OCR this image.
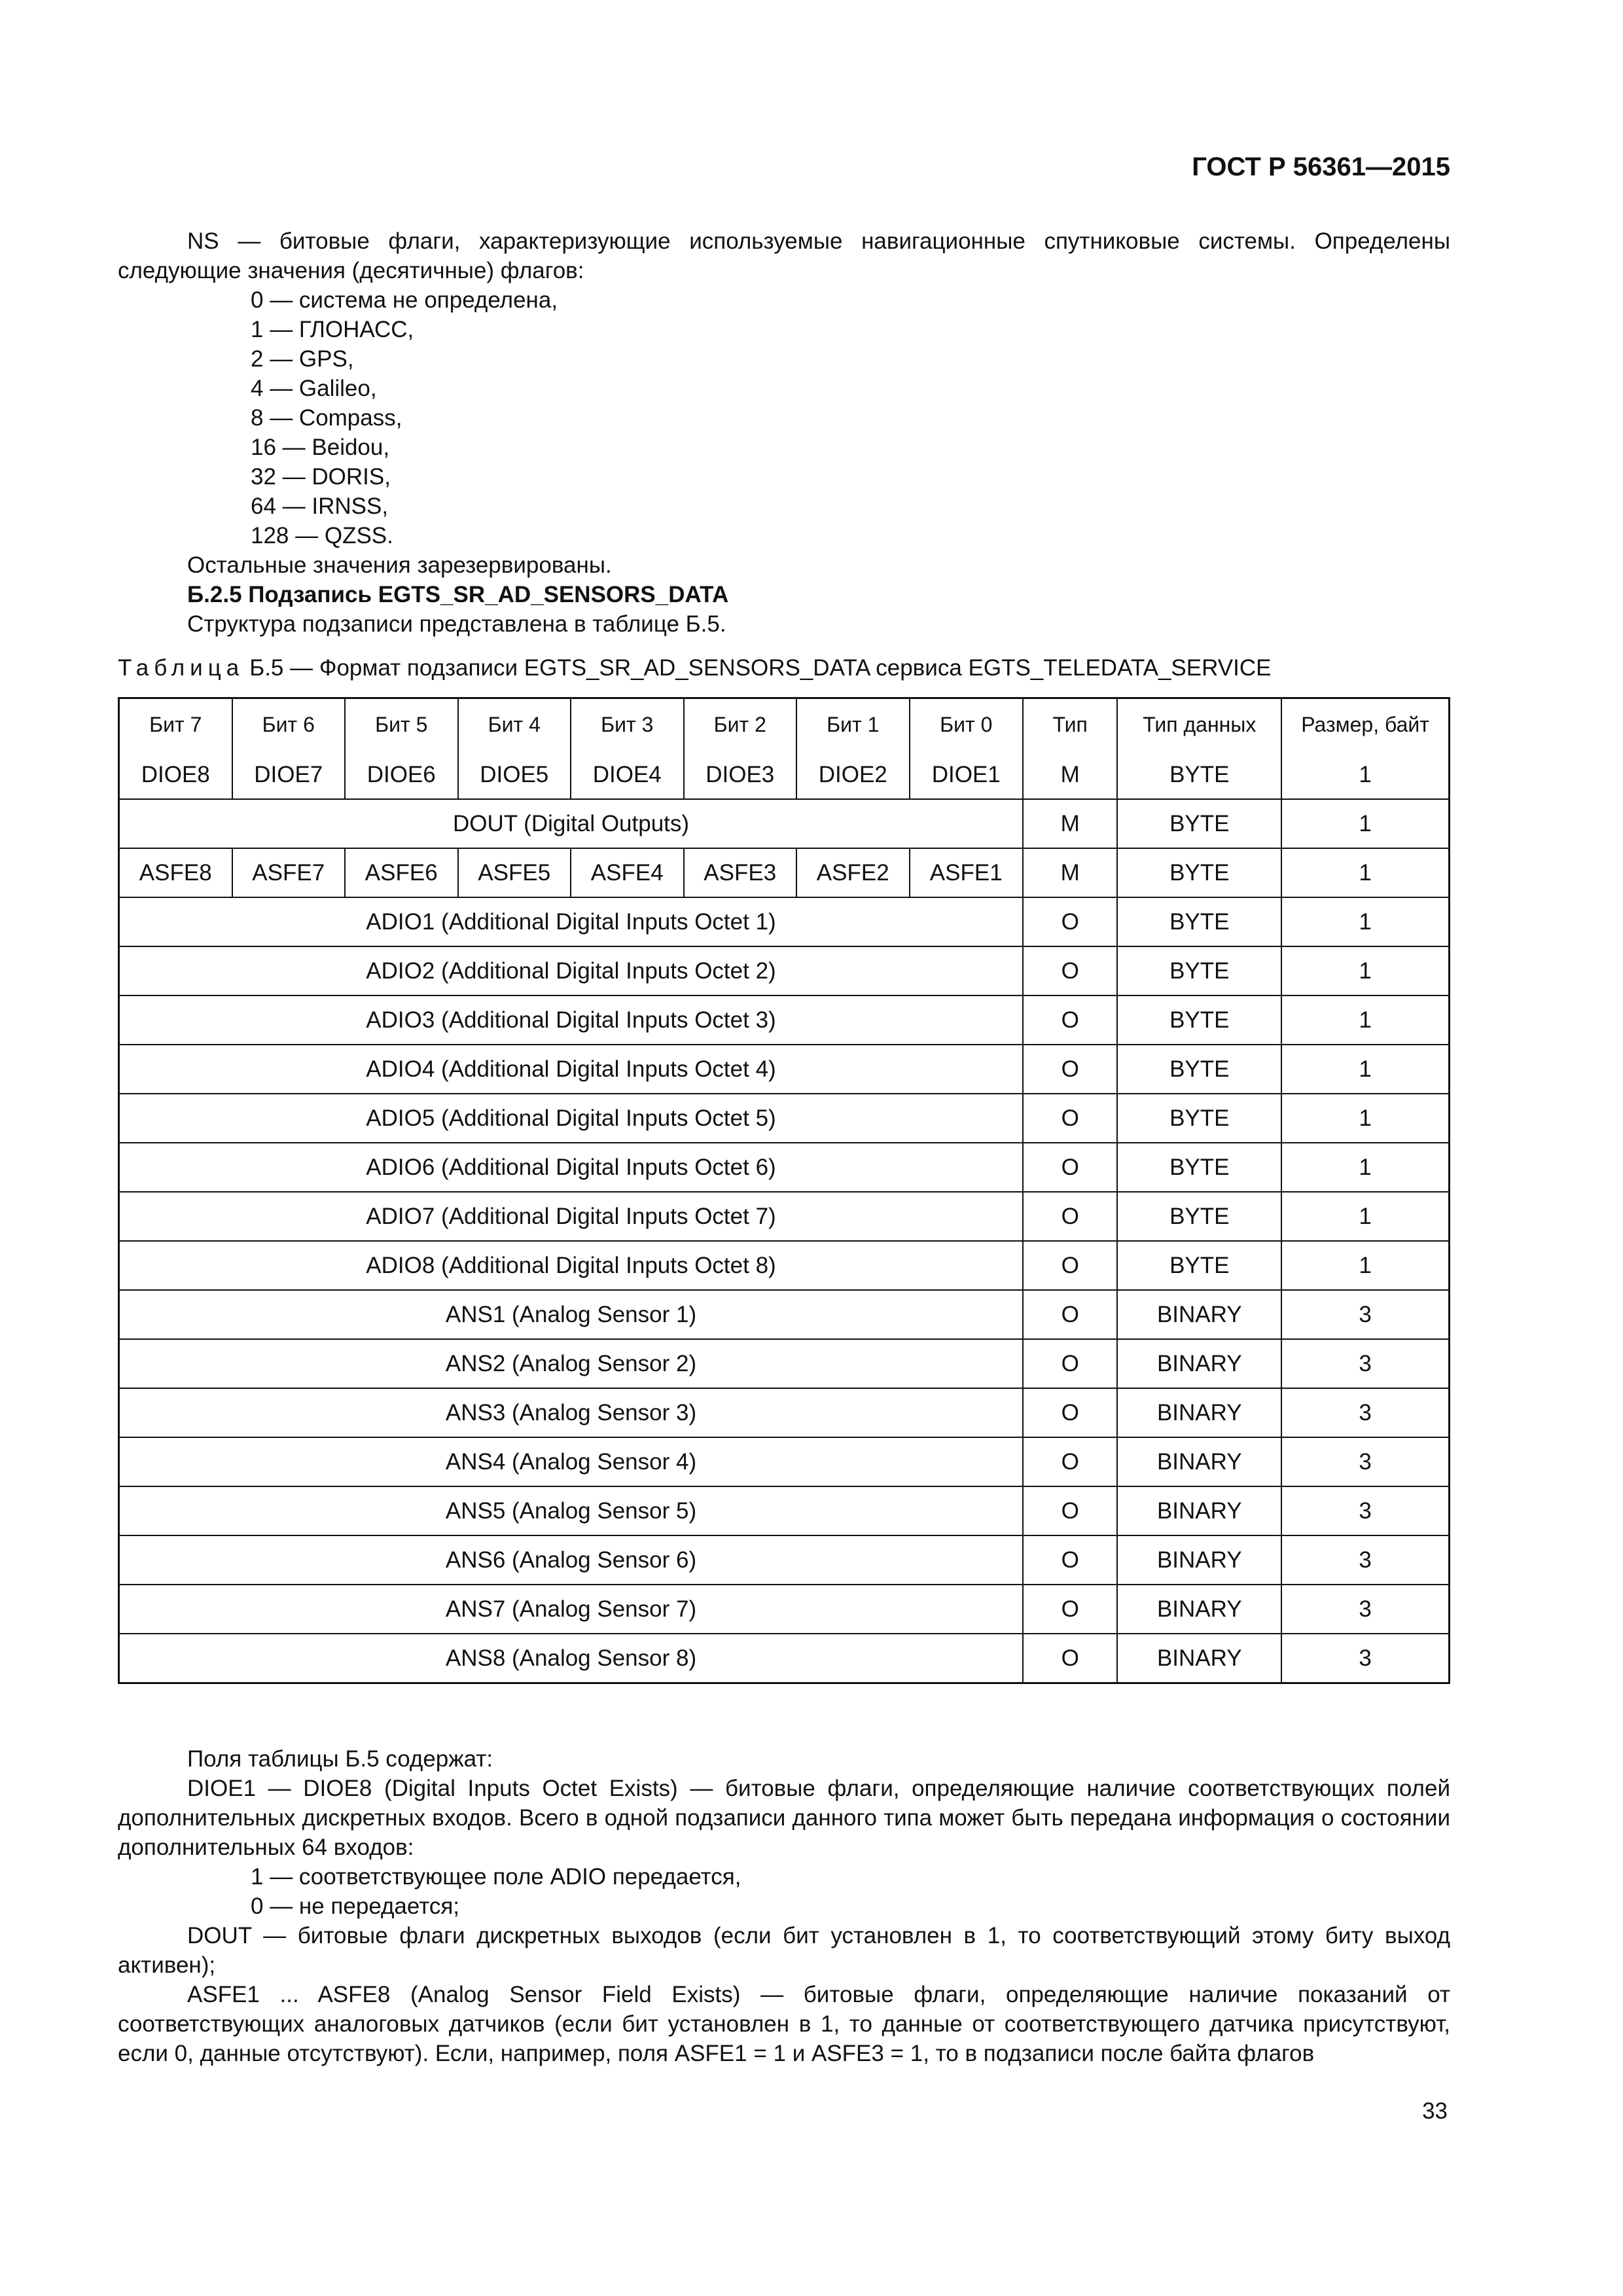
ГОСТ Р 56361—2015

NS — битовые флаги, характеризующие используемые навигационные спутниковые системы. Определены следующие значения (десятичные) флагов:

0 — система не определена,

1 — ГЛОНАСС,

2 — GPS,

4 — Galileo,

8 — Compass,

16 — Beidou,

32 — DORIS,

64 — IRNSS,

128 — QZSS.

Остальные значения зарезервированы.

Б.2.5 Подзапись EGTS_SR_AD_SENSORS_DATA

Структура подзаписи представлена в таблице Б.5.

Таблица Б.5 — Формат подзаписи EGTS_SR_AD_SENSORS_DATA сервиса EGTS_TELEDATA_SERVICE
Бит 7	Бит 6	Бит 5	Бит 4	Бит 3	Бит 2	Бит 1	Бит 0	Тип	Тип данных	Размер, байт
DIOE8	DIOE7	DIOE6	DIOE5	DIOE4	DIOE3	DIOE2	DIOE1	M	BYTE	1
DOUT (Digital Outputs)								M	BYTE	1
ASFE8	ASFE7	ASFE6	ASFE5	ASFE4	ASFE3	ASFE2	ASFE1	M	BYTE	1
ADIO1 (Additional Digital Inputs Octet 1)								O	BYTE	1
ADIO2 (Additional Digital Inputs Octet 2)								O	BYTE	1
ADIO3 (Additional Digital Inputs Octet 3)								O	BYTE	1
ADIO4 (Additional Digital Inputs Octet 4)								O	BYTE	1
ADIO5 (Additional Digital Inputs Octet 5)								O	BYTE	1
ADIO6 (Additional Digital Inputs Octet 6)								O	BYTE	1
ADIO7 (Additional Digital Inputs Octet 7)								O	BYTE	1
ADIO8 (Additional Digital Inputs Octet 8)								O	BYTE	1
ANS1 (Analog Sensor 1)								O	BINARY	3
ANS2 (Analog Sensor 2)								O	BINARY	3
ANS3 (Analog Sensor 3)								O	BINARY	3
ANS4 (Analog Sensor 4)								O	BINARY	3
ANS5 (Analog Sensor 5)								O	BINARY	3
ANS6 (Analog Sensor 6)								O	BINARY	3
ANS7 (Analog Sensor 7)								O	BINARY	3
ANS8 (Analog Sensor 8)								O	BINARY	3

Поля таблицы Б.5 содержат:

DIOE1 — DIOE8 (Digital Inputs Octet Exists) — битовые флаги, определяющие наличие соответствующих полей дополнительных дискретных входов. Всего в одной подзаписи данного типа может быть передана информация о состоянии дополнительных 64 входов:

1 — соответствующее поле ADIO передается,

0 — не передается;

DOUT — битовые флаги дискретных выходов (если бит установлен в 1, то соответствующий этому биту выход активен);

ASFE1 ... ASFE8 (Analog Sensor Field Exists) — битовые флаги, определяющие наличие показаний от соответствующих аналоговых датчиков (если бит установлен в 1, то данные от соответствующего датчика присутствуют, если 0, данные отсутствуют). Если, например, поля ASFE1 = 1 и ASFE3 = 1, то в подзаписи после байта флагов

33
